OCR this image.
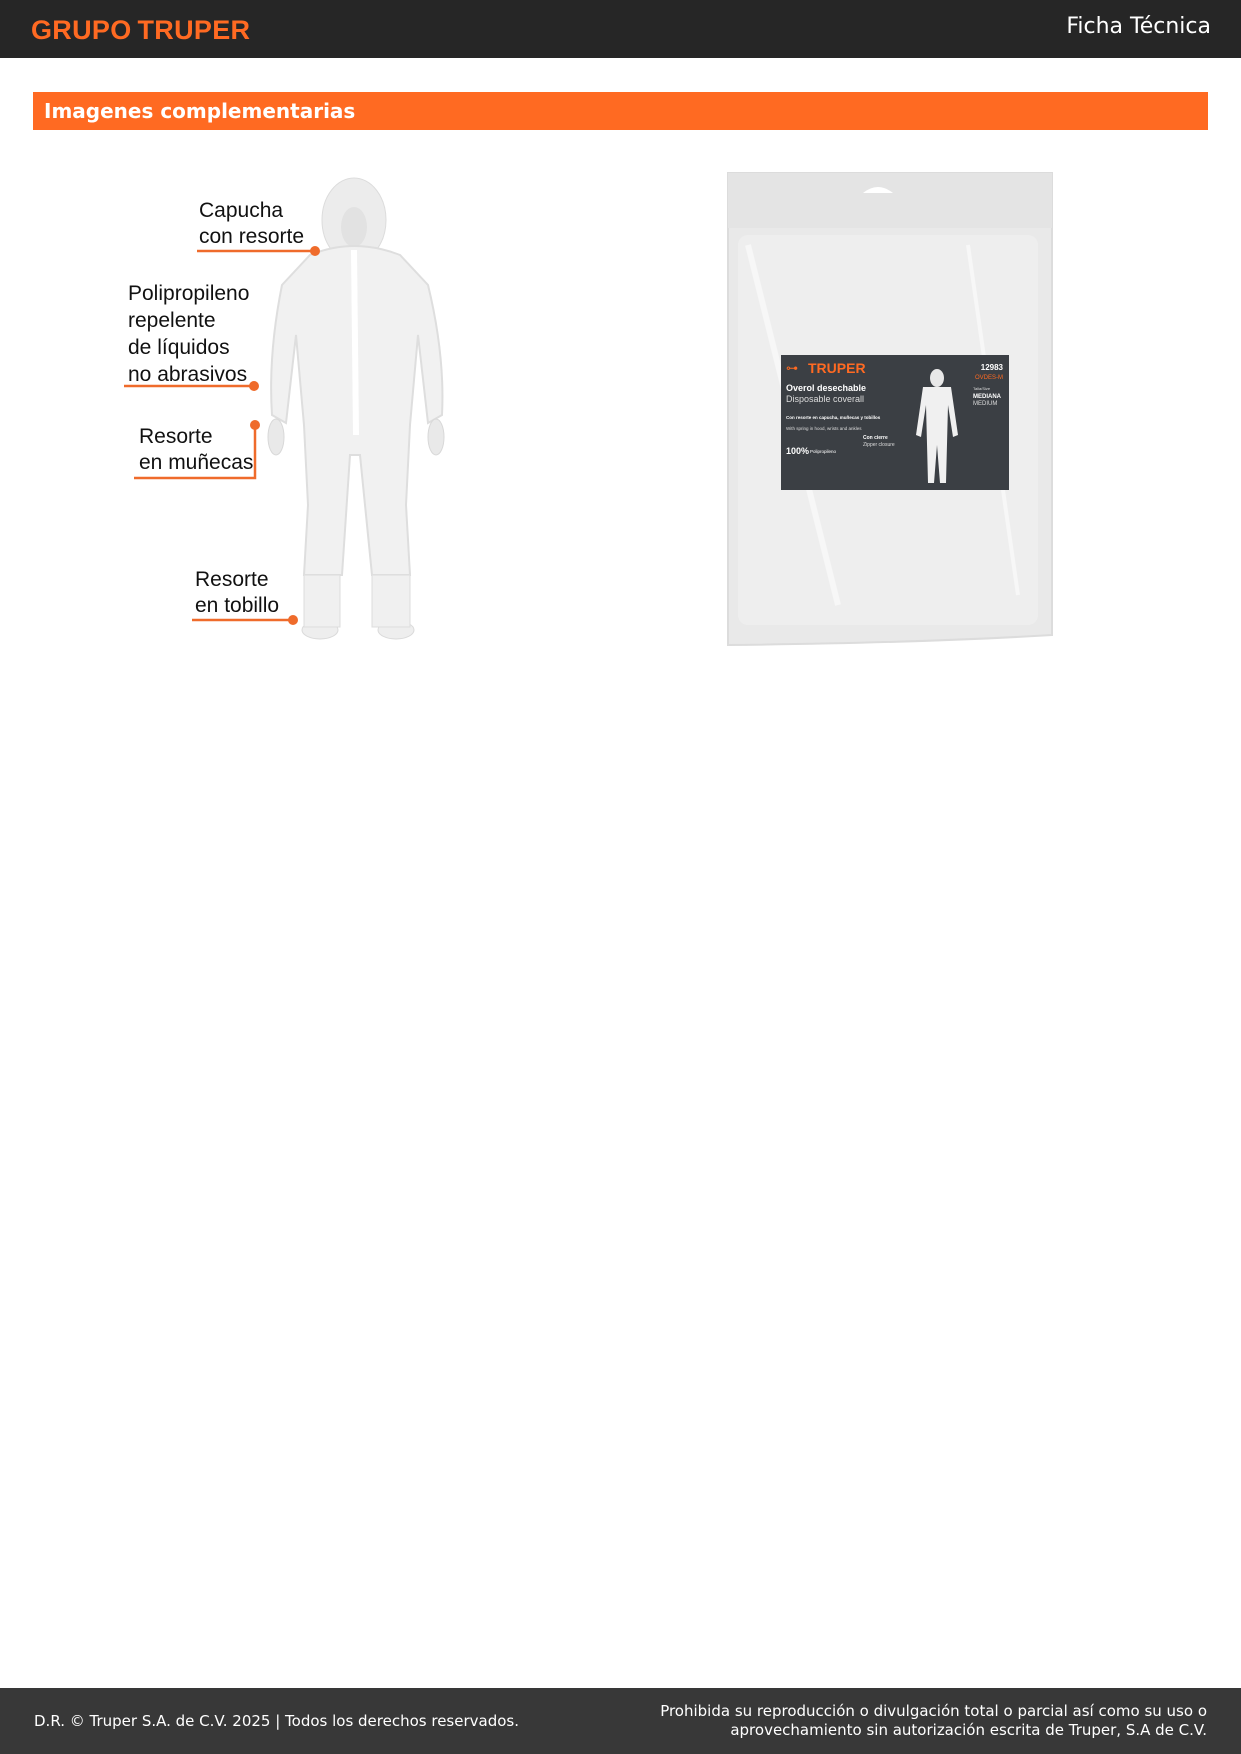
GRUPO TRUPER	Ficha Técnica
Imagenes complementarias
Capucha
con resorte
Polipropileno
repelente
de líquidos
no abrasivos
Resorte
en muñecas
Resorte
en tobillo
TRUPER
⊶	12983
OVDES-M
Overol desechable
Disposable coverall
Talla/Size
MEDIANA
MEDIUM
Con resorte en capucha, muñecas y tobillos
With spring in hood, wrists and ankles
100% Polipropileno
Con cierre
Zipper closure
D.R. © Truper S.A. de C.V. 2025 | Todos los derechos reservados.
Prohibida su reproducción o divulgación total o parcial así como su uso o
aprovechamiento sin autorización escrita de Truper, S.A de C.V.
